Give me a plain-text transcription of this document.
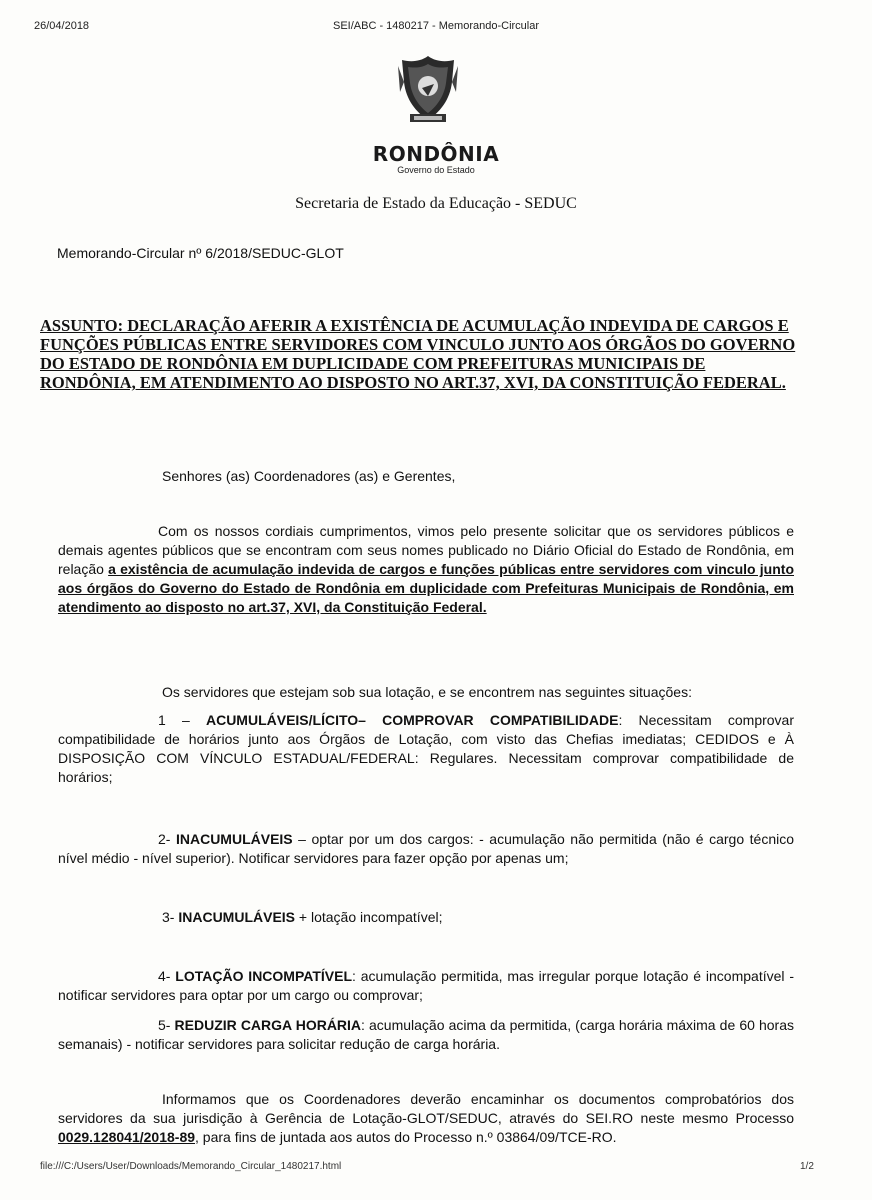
26/04/2018	SEI/ABC - 1480217 - Memorando-Circular
RONDÔNIA
Governo do Estado
Secretaria de Estado da Educação - SEDUC
Memorando-Circular nº 6/2018/SEDUC-GLOT
ASSUNTO: DECLARAÇÃO AFERIR A EXISTÊNCIA DE ACUMULAÇÃO INDEVIDA DE CARGOS E FUNÇÕES PÚBLICAS ENTRE SERVIDORES COM VINCULO JUNTO AOS ÓRGÃOS DO GOVERNO DO ESTADO DE RONDÔNIA EM DUPLICIDADE COM PREFEITURAS MUNICIPAIS DE RONDÔNIA, EM ATENDIMENTO AO DISPOSTO NO ART.37, XVI, DA CONSTITUIÇÃO FEDERAL.
Senhores (as) Coordenadores (as) e Gerentes,
Com os nossos cordiais cumprimentos, vimos pelo presente solicitar que os servidores públicos e demais agentes públicos que se encontram com seus nomes publicado no Diário Oficial do Estado de Rondônia, em relação a existência de acumulação indevida de cargos e funções públicas entre servidores com vinculo junto aos órgãos do Governo do Estado de Rondônia em duplicidade com Prefeituras Municipais de Rondônia, em atendimento ao disposto no art.37, XVI, da Constituição Federal.
Os servidores que estejam sob sua lotação, e se encontrem nas seguintes situações:
1 – ACUMULÁVEIS/LÍCITO– COMPROVAR COMPATIBILIDADE: Necessitam comprovar compatibilidade de horários junto aos Órgãos de Lotação, com visto das Chefias imediatas; CEDIDOS e À DISPOSIÇÃO COM VÍNCULO ESTADUAL/FEDERAL: Regulares. Necessitam comprovar compatibilidade de horários;
2- INACUMULÁVEIS – optar por um dos cargos: - acumulação não permitida (não é cargo técnico nível médio - nível superior). Notificar servidores para fazer opção por apenas um;
3- INACUMULÁVEIS + lotação incompatível;
4- LOTAÇÃO INCOMPATÍVEL: acumulação permitida, mas irregular porque lotação é incompatível - notificar servidores para optar por um cargo ou comprovar;
5- REDUZIR CARGA HORÁRIA: acumulação acima da permitida, (carga horária máxima de 60 horas semanais) - notificar servidores para solicitar redução de carga horária.
Informamos que os Coordenadores deverão encaminhar os documentos comprobatórios dos servidores da sua jurisdição à Gerência de Lotação-GLOT/SEDUC, através do SEI.RO neste mesmo Processo 0029.128041/2018-89, para fins de juntada aos autos do Processo n.º 03864/09/TCE-RO.
file:///C:/Users/User/Downloads/Memorando_Circular_1480217.html	1/2
